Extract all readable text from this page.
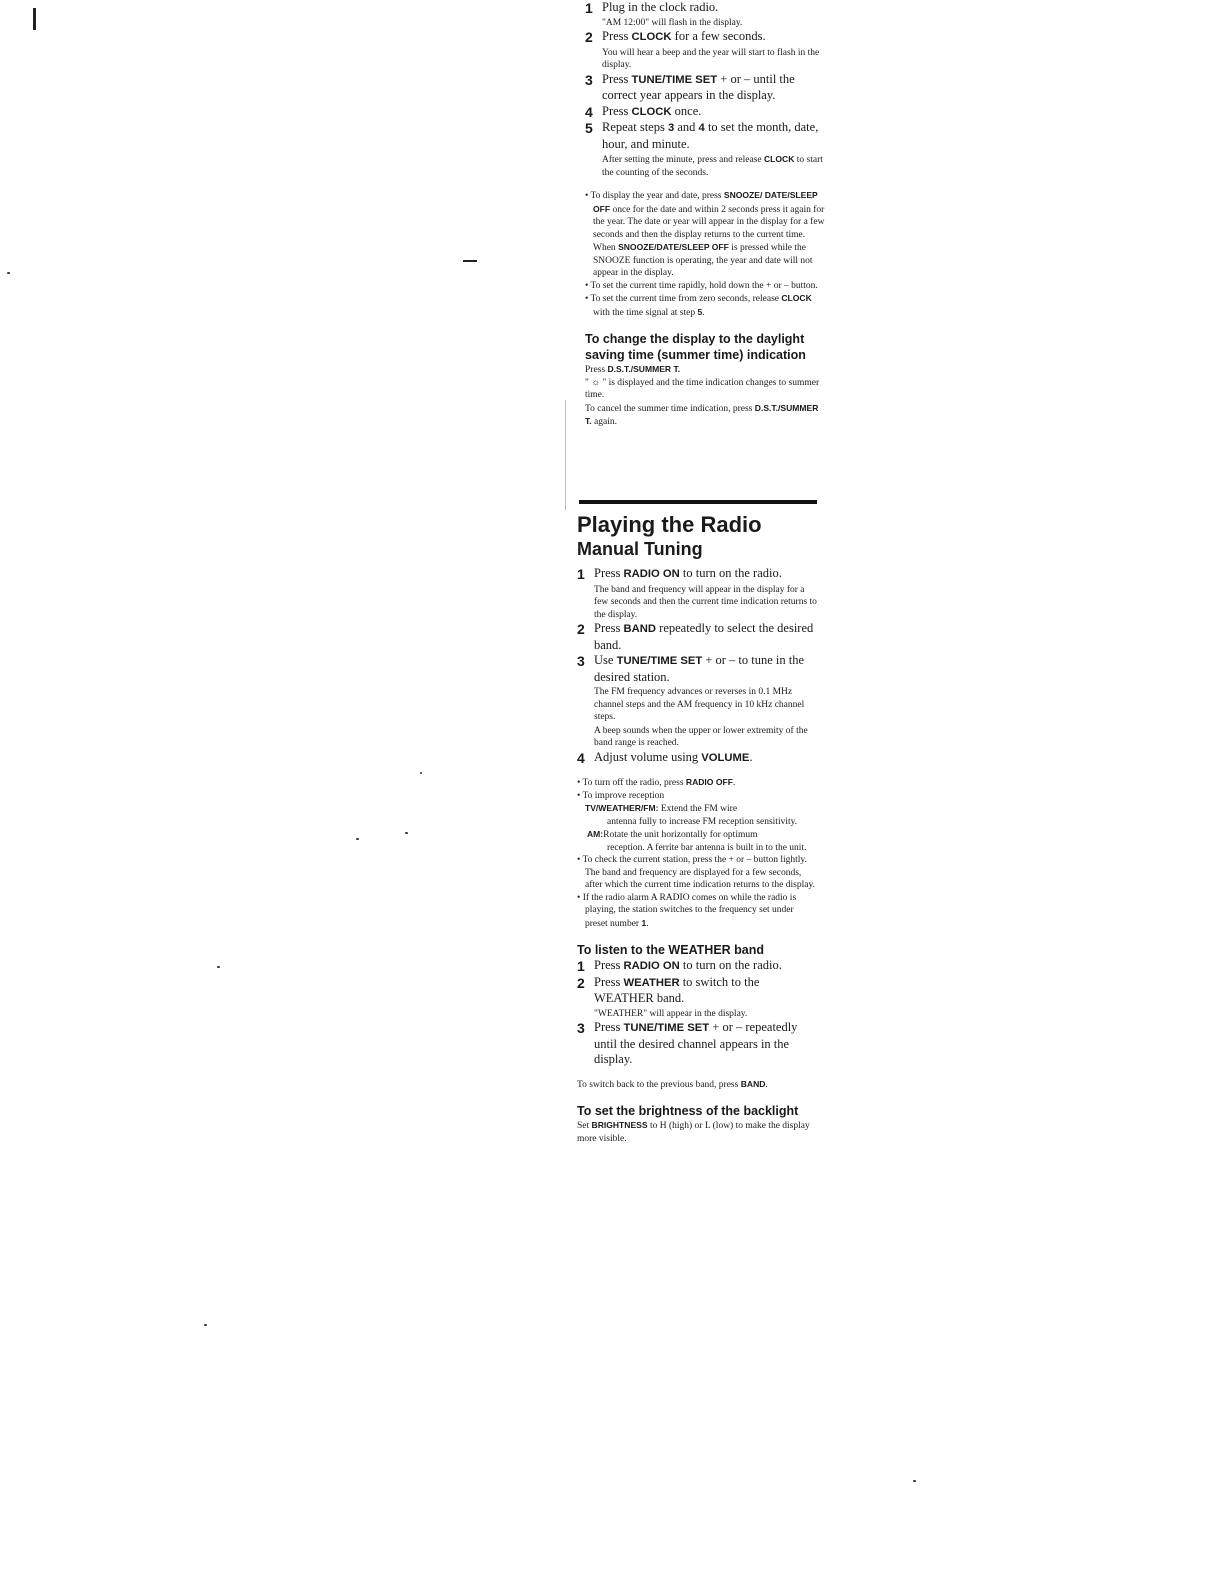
1 Plug in the clock radio.
"AM 12:00" will flash in the display.
2 Press CLOCK for a few seconds.
You will hear a beep and the year will start to flash in the display.
3 Press TUNE/TIME SET + or – until the correct year appears in the display.
4 Press CLOCK once.
5 Repeat steps 3 and 4 to set the month, date, hour, and minute.
After setting the minute, press and release CLOCK to start the counting of the seconds.
• To display the year and date, press SNOOZE/ DATE/SLEEP OFF once for the date and within 2 seconds press it again for the year. The date or year will appear in the display for a few seconds and then the display returns to the current time.
When SNOOZE/DATE/SLEEP OFF is pressed while the SNOOZE function is operating, the year and date will not appear in the display.
• To set the current time rapidly, hold down the + or – button.
• To set the current time from zero seconds, release CLOCK with the time signal at step 5.
To change the display to the daylight saving time (summer time) indication
Press D.S.T./SUMMER T.
" ☼ " is displayed and the time indication changes to summer time.
To cancel the summer time indication, press D.S.T./SUMMER T. again.
Playing the Radio
Manual Tuning
1 Press RADIO ON to turn on the radio.
The band and frequency will appear in the display for a few seconds and then the current time indication returns to the display.
2 Press BAND repeatedly to select the desired band.
3 Use TUNE/TIME SET + or – to tune in the desired station.
The FM frequency advances or reverses in 0.1 MHz channel steps and the AM frequency in 10 kHz channel steps.
A beep sounds when the upper or lower extremity of the band range is reached.
4 Adjust volume using VOLUME.
• To turn off the radio, press RADIO OFF.
• To improve reception
TV/WEATHER/FM: Extend the FM wire
antenna fully to increase FM reception sensitivity.
AM:Rotate the unit horizontally for optimum
reception. A ferrite bar antenna is built in to the unit.
• To check the current station, press the + or – button lightly. The band and frequency are displayed for a few seconds, after which the current time indication returns to the display.
• If the radio alarm A RADIO comes on while the radio is playing, the station switches to the frequency set under preset number 1.
To listen to the WEATHER band
1 Press RADIO ON to turn on the radio.
2 Press WEATHER to switch to the WEATHER band.
"WEATHER" will appear in the display.
3 Press TUNE/TIME SET + or – repeatedly until the desired channel appears in the display.
To switch back to the previous band, press BAND.
To set the brightness of the backlight
Set BRIGHTNESS to H (high) or L (low) to make the display more visible.
